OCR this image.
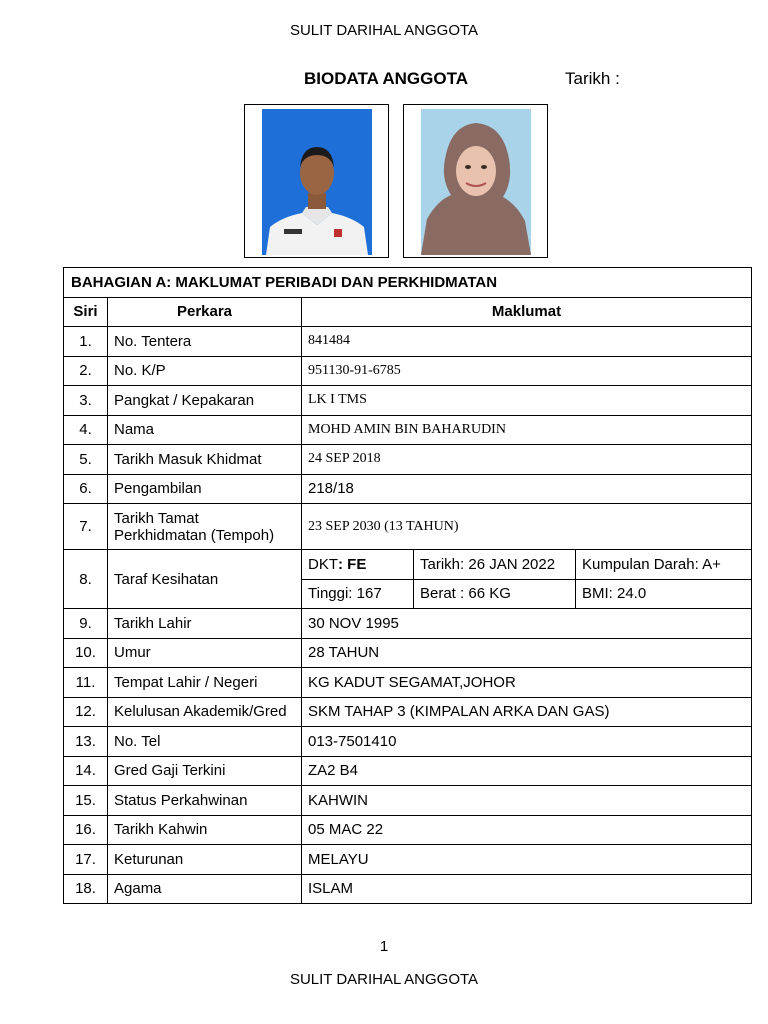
SULIT DARIHAL ANGGOTA
BIODATA ANGGOTA	Tarikh :
BAHAGIAN A: MAKLUMAT PERIBADI DAN PERKHIDMATAN				
Siri	Perkara	Maklumat		
1.	No. Tentera	841484		
2.	No. K/P	951130-91-6785		
3.	Pangkat / Kepakaran	LK I TMS		
4.	Nama	MOHD AMIN BIN BAHARUDIN		
5.	Tarikh Masuk Khidmat	24 SEP 2018		
6.	Pengambilan	218/18		
7.	Tarikh Tamat Perkhidmatan (Tempoh)	23 SEP 2030 (13 TAHUN)		
8.	Taraf Kesihatan	DKT: FE	Tarikh: 26 JAN 2022	Kumpulan Darah: A+
		Tinggi: 167	Berat : 66 KG	BMI: 24.0
9.	Tarikh Lahir	30 NOV 1995		
10.	Umur	28 TAHUN		
11.	Tempat Lahir / Negeri	KG KADUT SEGAMAT,JOHOR		
12.	Kelulusan Akademik/Gred	SKM TAHAP 3 (KIMPALAN ARKA DAN GAS)		
13.	No. Tel	013-7501410		
14.	Gred Gaji Terkini	ZA2 B4		
15.	Status Perkahwinan	KAHWIN		
16.	Tarikh Kahwin	05 MAC 22		
17.	Keturunan	MELAYU		
18.	Agama	ISLAM		
1
SULIT DARIHAL ANGGOTA
